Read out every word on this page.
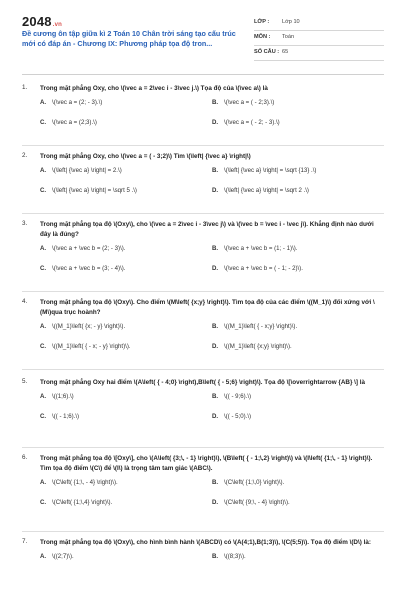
2048.vn
Đề cương ôn tập giữa kì 2 Toán 10 Chân trời sáng tạo cấu trúc mới có đáp án - Chương IX: Phương pháp tọa độ tron...
LỚP : Lớp 10
MÔN : Toán
SỐ CÂU : 65
1. Trong mặt phẳng Oxy, cho \(\vec a = 2\vec i - 3\vec j.\) Tọa độ của \(\vec a\) là
A. \(\vec a = (2; - 3).\)	B. \(\vec a = ( - 2;3).\)
C. \(\vec a = (2;3).\)	D. \(\vec a = ( - 2; - 3).\)
2. Trong mặt phẳng Oxy, cho \(\vec a = ( - 3;2)\) Tìm \(\left| {\vec a} \right|\)
A. \(\left| {\vec a} \right| = 2.\)	B. \(\left| {\vec a} \right| = \sqrt {13} .\)
C. \(\left| {\vec a} \right| = \sqrt 5 .\)	D. \(\left| {\vec a} \right| = \sqrt 2 .\)
3. Trong mặt phẳng tọa độ \(Oxy\), cho \(\vec a = 2\vec i - 3\vec j\) và \(\vec b = \vec i - \vec j\). Khẳng định nào dưới đây là đúng?
A. \(\vec a + \vec b = (2; - 3)\).	B. \(\vec a + \vec b = (1; - 1)\).
C. \(\vec a + \vec b = (3; - 4)\).	D. \(\vec a + \vec b = ( - 1; - 2)\).
4. Trong mặt phẳng tọa độ \(Oxy\). Cho điểm \(M\left( {x;y} \right)\). Tìm tọa độ của các điểm \((M_1)\) đối xứng với \(M\)qua trục hoành?
A. \((M_1)\left( {x; - y} \right)\).	B. \((M_1)\left( { - x;y} \right)\).
C. \((M_1)\left( { - x; - y} \right)\).	D. \((M_1)\left( {x;y} \right)\).
5. Trong mặt phẳng Oxy hai điểm \(A\left( { - 4;0} \right),B\left( { - 5;6} \right)\). Tọa độ \[\overrightarrow {AB} \] là
A. \((1;6).\)	B. \(( - 9;6).\)
C. \(( - 1;6).\)	D. \(( - 5;0).\)
6. Trong mặt phẳng tọa độ \[Oxy\], cho \(A\left( {3;\, - 1} \right)\), \(B\left( { - 1;\,2} \right)\) và \(I\left( {1;\, - 1} \right)\). Tìm tọa độ điểm \(C\) để \(I\) là trọng tâm tam giác \(ABC\).
A. \(C\left( {1;\, - 4} \right)\).	B. \(C\left( {1;\,0} \right)\).
C. \(C\left( {1;\,4} \right)\).	D. \(C\left( {9;\, - 4} \right)\).
7. Trong mặt phẳng tọa độ \(Oxy\), cho hình bình hành \(ABCD\) có \(A(4;1),B(1;3)\), \(C(5;5)\). Tọa độ điểm \(D\) là:
A. \((2;7)\).	B. \((8;3)\).
